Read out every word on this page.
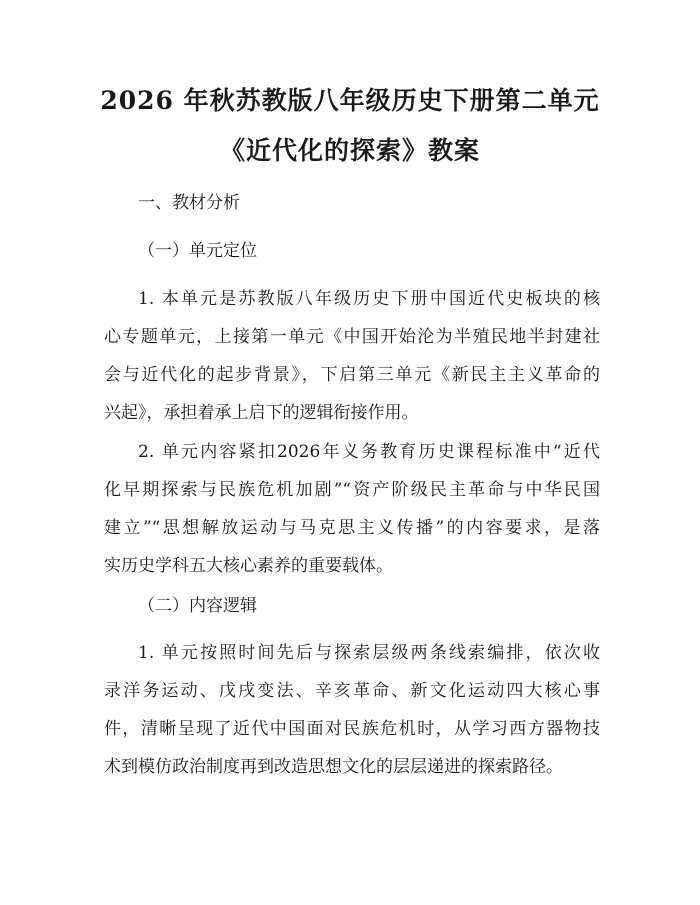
2026 年秋苏教版八年级历史下册第二单元
《近代化的探索》教案
一、教材分析
（一）单元定位
1. 本单元是苏教版八年级历史下册中国近代史板块的核
心专题单元，上接第一单元《中国开始沦为半殖民地半封建社
会与近代化的起步背景》，下启第三单元《新民主主义革命的
兴起》，承担着承上启下的逻辑衔接作用。
2. 单元内容紧扣2026年义务教育历史课程标准中“近代
化早期探索与民族危机加剧”“资产阶级民主革命与中华民国
建立”“思想解放运动与马克思主义传播”的内容要求，是落
实历史学科五大核心素养的重要载体。
（二）内容逻辑
1. 单元按照时间先后与探索层级两条线索编排，依次收
录洋务运动、戊戌变法、辛亥革命、新文化运动四大核心事
件，清晰呈现了近代中国面对民族危机时，从学习西方器物技
术到模仿政治制度再到改造思想文化的层层递进的探索路径。
